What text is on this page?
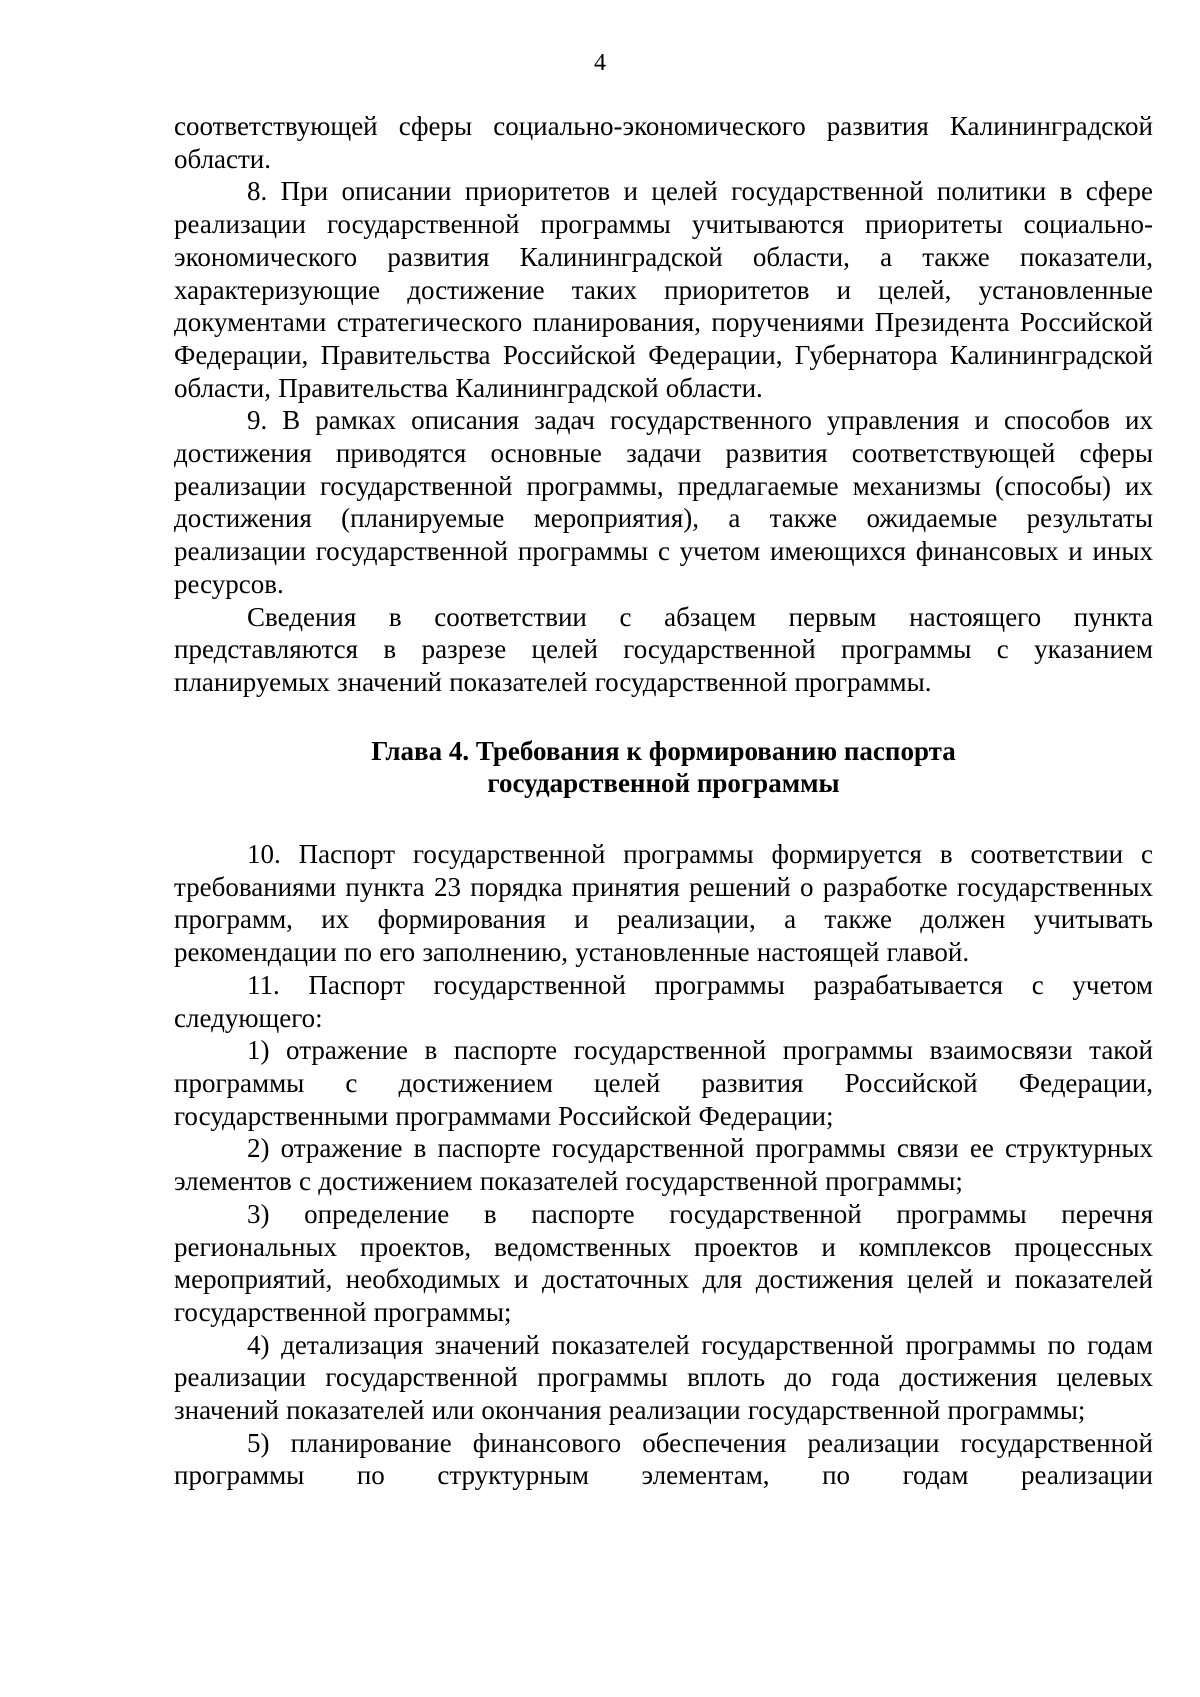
4

соответствующей сферы социально-экономического развития Калининградской области.

8. При описании приоритетов и целей государственной политики в сфере реализации государственной программы учитываются приоритеты социально-экономического развития Калининградской области, а также показатели, характеризующие достижение таких приоритетов и целей, установленные документами стратегического планирования, поручениями Президента Российской Федерации, Правительства Российской Федерации, Губернатора Калининградской области, Правительства Калининградской области.

9. В рамках описания задач государственного управления и способов их достижения приводятся основные задачи развития соответствующей сферы реализации государственной программы, предлагаемые механизмы (способы) их достижения (планируемые мероприятия), а также ожидаемые результаты реализации государственной программы с учетом имеющихся финансовых и иных ресурсов.

Сведения в соответствии с абзацем первым настоящего пункта представляются в разрезе целей государственной программы с указанием планируемых значений показателей государственной программы.

Глава 4. Требования к формированию паспорта
государственной программы

10. Паспорт государственной программы формируется в соответствии с требованиями пункта 23 порядка принятия решений о разработке государственных программ, их формирования и реализации, а также должен учитывать рекомендации по его заполнению, установленные настоящей главой.

11. Паспорт государственной программы разрабатывается с учетом следующего:

1) отражение в паспорте государственной программы взаимосвязи такой программы с достижением целей развития Российской Федерации, государственными программами Российской Федерации;

2) отражение в паспорте государственной программы связи ее структурных элементов с достижением показателей государственной программы;

3) определение в паспорте государственной программы перечня региональных проектов, ведомственных проектов и комплексов процессных мероприятий, необходимых и достаточных для достижения целей и показателей государственной программы;

4) детализация значений показателей государственной программы по годам реализации государственной программы вплоть до года достижения целевых значений показателей или окончания реализации государственной программы;

5) планирование финансового обеспечения реализации государственной программы по структурным элементам, по годам реализации
